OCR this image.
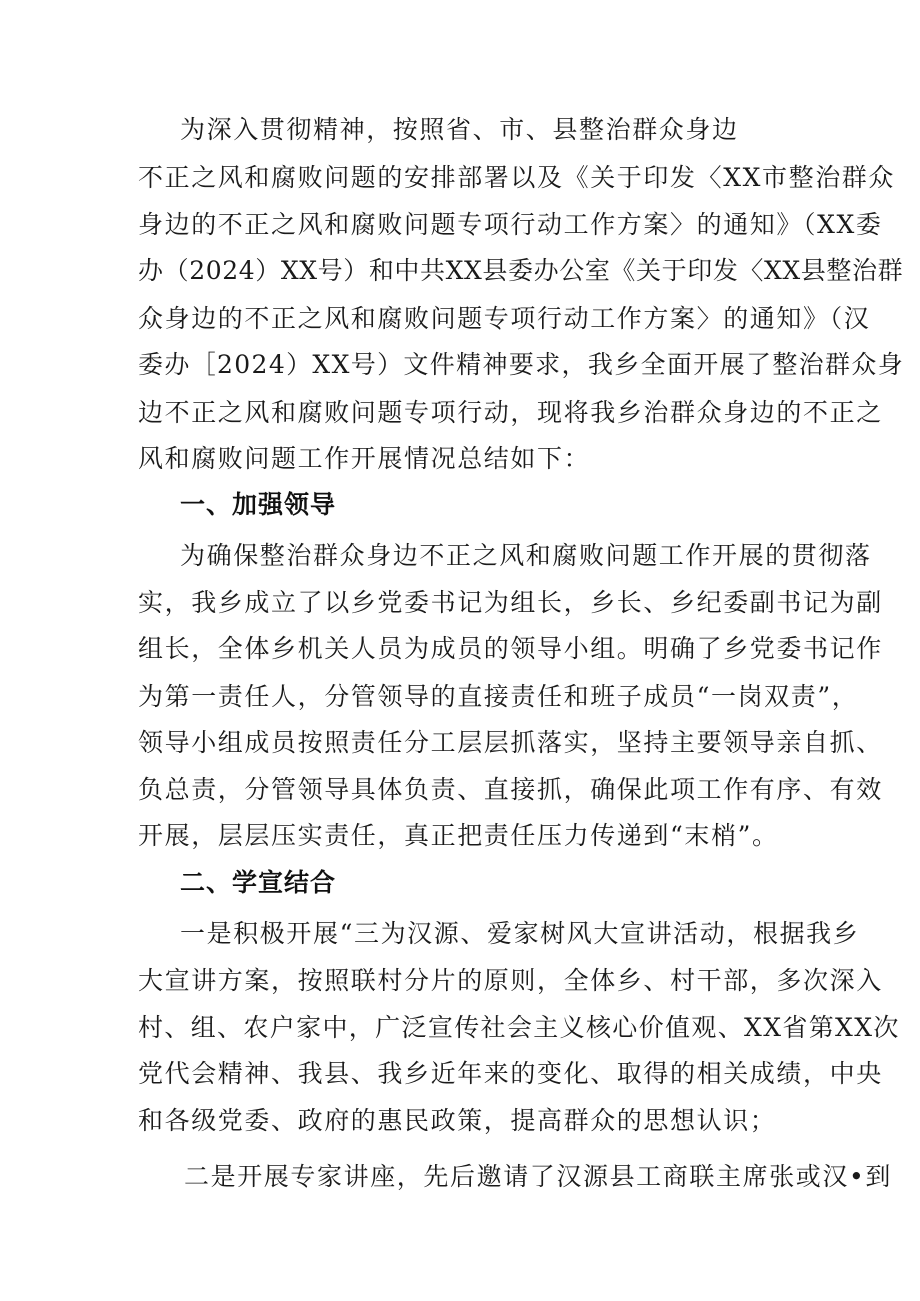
为深入贯彻精神，按照省、市、县整治群众身边

不正之风和腐败问题的安排部署以及《关于印发〈XX市整治群众

身边的不正之风和腐败问题专项行动工作方案〉的通知》（XX委

办（2024）XX号）和中共XX县委办公室《关于印发〈XX县整治群

众身边的不正之风和腐败问题专项行动工作方案〉的通知》（汉

委办［2024）XX号）文件精神要求，我乡全面开展了整治群众身

边不正之风和腐败问题专项行动，现将我乡治群众身边的不正之

风和腐败问题工作开展情况总结如下：

一、加强领导

为确保整治群众身边不正之风和腐败问题工作开展的贯彻落

实，我乡成立了以乡党委书记为组长，乡长、乡纪委副书记为副

组长，全体乡机关人员为成员的领导小组。明确了乡党委书记作

为第一责任人，分管领导的直接责任和班子成员“一岗双责”，

领导小组成员按照责任分工层层抓落实，坚持主要领导亲自抓、

负总责，分管领导具体负责、直接抓，确保此项工作有序、有效

开展，层层压实责任，真正把责任压力传递到“末梢”。

二、学宣结合

一是积极开展“三为汉源、爱家树风大宣讲活动，根据我乡

大宣讲方案，按照联村分片的原则，全体乡、村干部，多次深入

村、组、农户家中，广泛宣传社会主义核心价值观、XX省第XX次

党代会精神、我县、我乡近年来的变化、取得的相关成绩，中央

和各级党委、政府的惠民政策，提高群众的思想认识；

二是开展专家讲座，先后邀请了汉源县工商联主席张或汉•到
